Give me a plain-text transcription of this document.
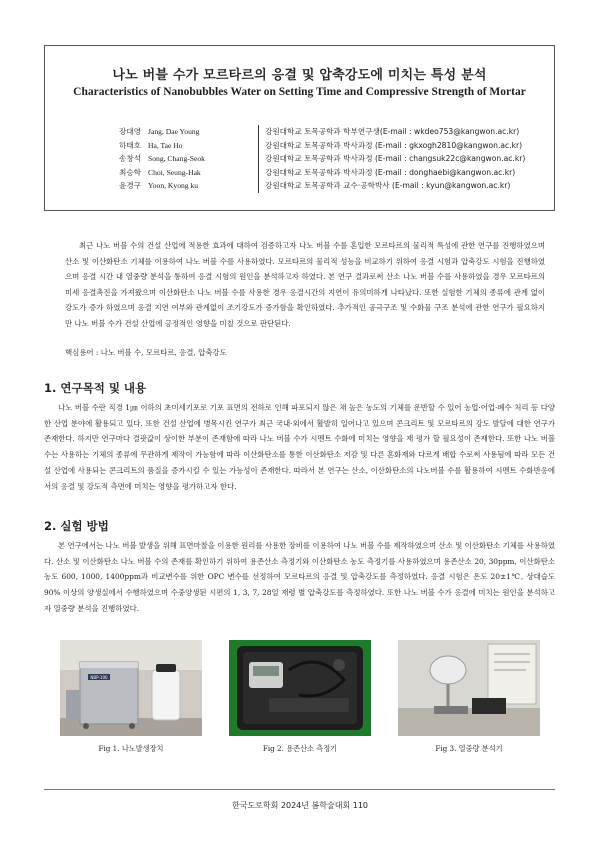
나노 버블 수가 모르타르의 응결 및 압축강도에 미치는 특성 분석
Characteristics of Nanobubbles Water on Setting Time and Compressive Strength of Mortar
장대영 Jang, Dae Young	강원대학교 토목공학과 학부연구생(E-mail : wkdeo753@kangwon.ac.kr)
하태호 Ha, Tae Ho	강원대학교 토목공학과 박사과정 (E-mail : gkxogh2810@kangwon.ac.kr)
송창석 Song, Chang-Seok	강원대학교 토목공학과 박사과정 (E-mail : changsuk22c@kangwon.ac.kr)
최승학 Choi, Seung-Hak	강원대학교 토목공학과 박사과정 (E-mail : donghaebi@kangwon.ac.kr)
윤경구 Yoon, Kyong ku	강원대학교 토목공학과 교수·공학박사 (E-mail : kyun@kangwon.ac.kr)
최근 나노 버블 수의 건설 산업에 적용한 효과에 대하여 검증하고자 나노 버블 수를 혼입한 모르타르의 물리적 특성에 관한 연구를 진행하였으며 산소 및 이산화탄소 기체를 이용하여 나노 버블 수를 사용하였다. 모르타르의 물리적 성능을 비교하기 위하여 응결 시험과 압축강도 시험을 진행하였으며 응결 시간 내 열중량 분석을 통하여 응결 시험의 원인을 분석하고자 하였다. 본 연구 결과로써 산소 나노 버블 수를 사용하였을 경우 모르타르의 미세 응결촉진을 가져왔으며 이산화탄소 나노 버블 수를 사용한 경우 응결시간의 지연이 유의미하게 나타났다. 또한 실험한 기체의 종류에 관계 없이 강도가 증가 하였으며 응결 지연 여부와 관계없이 조기강도가 증가함을 확인하였다. 추가적인 공극구조 및 수화물 구조 분석에 관한 연구가 필요하지만 나노 버블 수가 건설 산업에 긍정적인 영향을 미칠 것으로 판단된다.
핵심용어 : 나노 버블 수, 모르타르, 응결, 압축강도
1. 연구목적 및 내용
나노 버블 수란 직경 1㎛ 이하의 초미세기포로 기포 표면의 전하로 인해 파포되지 않은 채 높은 농도의 기체를 운반할 수 있어 농업·어업·폐수 처리 등 다양한 산업 분야에 활용되고 있다. 또한 건설 산업에 병목시킨 연구가 최근 국내·외에서 활발히 일어나고 있으며 콘크리트 및 모르타르의 강도 발달에 대한 연구가 존재한다. 하지만 연구마다 결괏값이 상이한 부분이 존재함에 따라 나노 버블 수가 시멘트 수화에 미치는 영향을 재 평가 할 필요성이 존재한다. 또한 나노 버블 수는 사용하는 기체의 종류에 무관하게 제작이 가능함에 따라 이산화탄소를 통한 이산화탄소 저감 및 다른 혼화재와 다르게 배합 수로써 사용됨에 따라 모든 건설 산업에 사용되는 콘크리트의 품질을 증가시킬 수 있는 가능성이 존재한다. 따라서 본 연구는 산소, 이산화탄소의 나노버블 수를 활용하여 시멘트 수화반응에서의 응결 및 강도적 측면에 미치는 영향을 평가하고자 한다.
2. 실험 방법
본 연구에서는 나노 버블 발생을 위해 표면마찰을 이용한 원리를 사용한 장비를 이용하여 나노 버블 수를 제작하였으며 산소 및 이산화탄소 기체를 사용하였다. 산소 및 이산화탄소 나노 버블 수의 존재를 확인하기 위하여 용존산소 측정기와 이산화탄소 농도 측정기를 사용하였으며 용존산소 20, 30ppm, 이산화탄소 농도 600, 1000, 1400ppm과 비교변수를 위한 OPC 변수를 선정하여 모르타르의 응결 및 압축강도를 측정하였다. 응결 시험은 온도 20±1℃, 상대습도 90% 이상의 양생실에서 수행하였으며 수중양생된 시편의 1, 3, 7, 28일 재령 별 압축강도를 측정하였다. 또한 나노 버블 수가 응결에 미치는 원인을 분석하고자 열중량 분석을 진행하였다.
NBP-100
Fig 1. 나노발생장치	Fig 2. 용존산소 측정기	Fig 3. 열중량 분석기
한국도로학회 2024년 봄학술대회 110
